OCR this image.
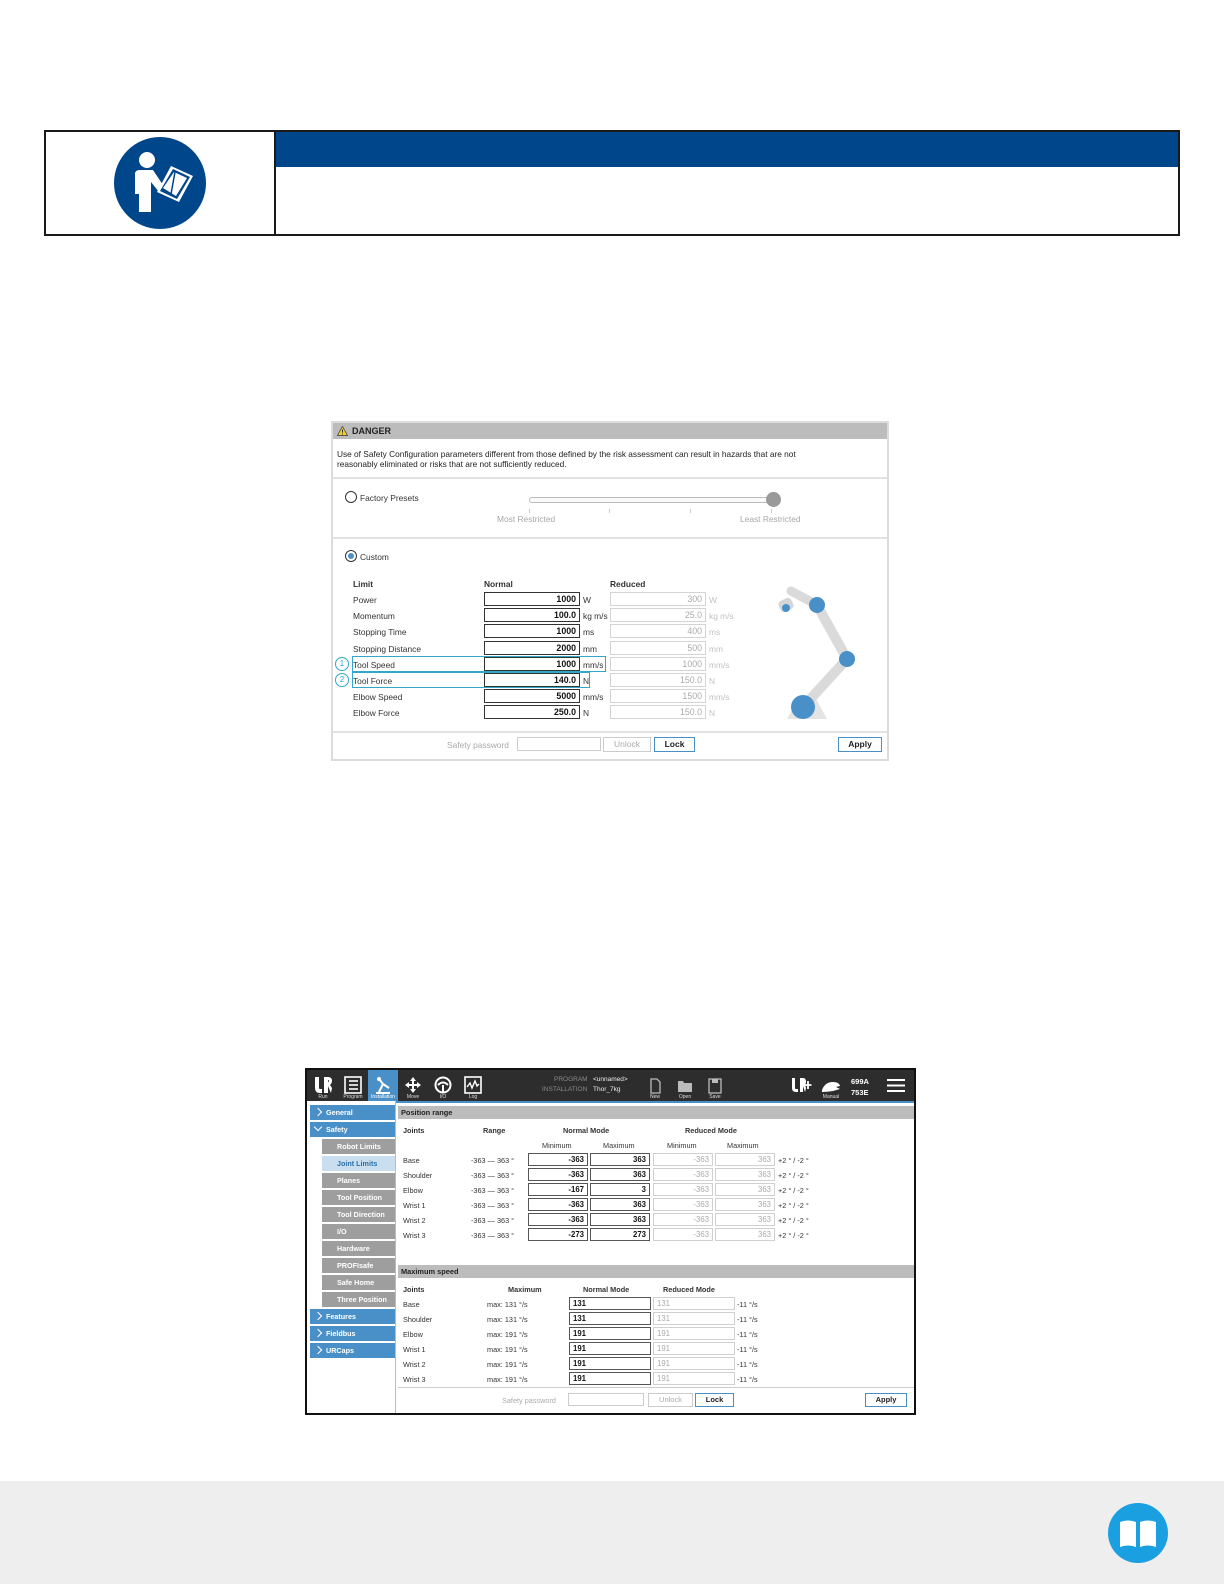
DANGER
Use of Safety Configuration parameters different from those defined by the risk assessment can result in hazards that are not
reasonably eliminated or risks that are not sufficiently reduced.
Factory Presets
Most Restricted	Least Restricted
Custom
Limit	Normal	Reduced
Power	1000 W	300 W
Momentum	100.0 kg m/s	25.0 kg m/s
Stopping Time	1000 ms	400 ms
Stopping Distance	2000 mm	500 mm
Tool Speed	1000 mm/s	1000 mm/s
Tool Force	140.0 N	150.0 N
Elbow Speed	5000 mm/s	1500 mm/s
Elbow Force	250.0 N	150.0 N
1
2
Safety password	Unlock	Lock	Apply
Run	Program Installation Move	I/O	Log
PROGRAM <unnamed>
INSTALLATION Thor_7kg
New	Open	Save	Manual
699A
753E
General
Safety
Robot Limits
Joint Limits
Planes
Tool Position
Tool Direction
I/O
Hardware
PROFIsafe
Safe Home
Three Position
Features
Fieldbus
URCaps
Position range
Joints	Range	Normal Mode	Reduced Mode
Minimum	Maximum	Minimum	Maximum
Base	-363 — 363 °	-363	363	-363	363 +2 ° / -2 °
Shoulder	-363 — 363 °	-363	363	-363	363 +2 ° / -2 °
Elbow	-363 — 363 °	-167	3	-363	363 +2 ° / -2 °
Wrist 1	-363 — 363 °	-363	363	-363	363 +2 ° / -2 °
Wrist 2	-363 — 363 °	-363	363	-363	363 +2 ° / -2 °
Wrist 3	-363 — 363 °	-273	273	-363	363 +2 ° / -2 °
Maximum speed
Joints	Maximum	Normal Mode	Reduced Mode
Base	max: 131 °/s	131	131	-11 °/s
Shoulder	max: 131 °/s	131	131	-11 °/s
Elbow	max: 191 °/s	191	191	-11 °/s
Wrist 1	max: 191 °/s	191	191	-11 °/s
Wrist 2	max: 191 °/s	191	191	-11 °/s
Wrist 3	max: 191 °/s	191	191	-11 °/s
Safety password	Unlock	Lock	Apply
